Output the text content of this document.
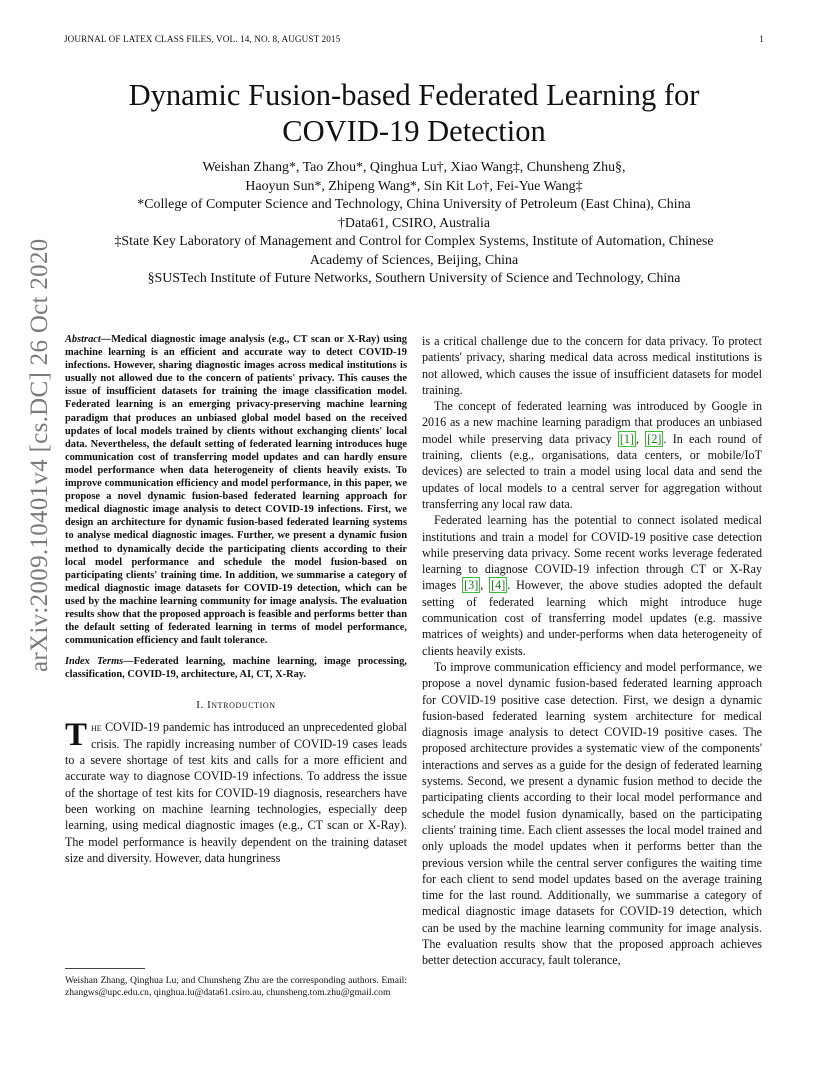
JOURNAL OF LATEX CLASS FILES, VOL. 14, NO. 8, AUGUST 2015	1
Dynamic Fusion-based Federated Learning for
COVID-19 Detection
Weishan Zhang*, Tao Zhou*, Qinghua Lu†, Xiao Wang‡, Chunsheng Zhu§,
Haoyun Sun*, Zhipeng Wang*, Sin Kit Lo†, Fei-Yue Wang‡
*College of Computer Science and Technology, China University of Petroleum (East China), China
†Data61, CSIRO, Australia
‡State Key Laboratory of Management and Control for Complex Systems, Institute of Automation, Chinese
Academy of Sciences, Beijing, China
§SUSTech Institute of Future Networks, Southern University of Science and Technology, China
arXiv:2009.10401v4 [cs.DC] 26 Oct 2020	Abstract—Medical diagnostic image analysis (e.g., CT scan or X-Ray) using machine learning is an efficient and accurate way to detect COVID-19 infections. However, sharing diagnostic images across medical institutions is usually not allowed due to the concern of patients' privacy. This causes the issue of insufficient datasets for training the image classification model. Federated learning is an emerging privacy-preserving machine learning paradigm that produces an unbiased global model based on the received updates of local models trained by clients without exchanging clients' local data. Nevertheless, the default setting of federated learning introduces huge communication cost of transferring model updates and can hardly ensure model performance when data heterogeneity of clients heavily exists. To improve communication efficiency and model performance, in this paper, we propose a novel dynamic fusion-based federated learning approach for medical diagnostic image analysis to detect COVID-19 infections. First, we design an architecture for dynamic fusion-based federated learning systems to analyse medical diagnostic images. Further, we present a dynamic fusion method to dynamically decide the participating clients according to their local model performance and schedule the model fusion-based on participating clients' training time. In addition, we summarise a category of medical diagnostic image datasets for COVID-19 detection, which can be used by the machine learning community for image analysis. The evaluation results show that the proposed approach is feasible and performs better than the default setting of federated learning in terms of model performance, communication efficiency and fault tolerance.

Index Terms—Federated learning, machine learning, image processing, classification, COVID-19, architecture, AI, CT, X-Ray.

I. Introduction

The COVID-19 pandemic has introduced an unprecedented global crisis. The rapidly increasing number of COVID-19 cases leads to a severe shortage of test kits and calls for a more efficient and accurate way to diagnose COVID-19 infections. To address the issue of the shortage of test kits for COVID-19 diagnosis, researchers have been working on machine learning technologies, especially deep learning, using medical diagnostic images (e.g., CT scan or X-Ray). The model performance is heavily dependent on the training dataset size and diversity. However, data hungriness

is a critical challenge due to the concern for data privacy. To protect patients' privacy, sharing medical data across medical institutions is not allowed, which causes the issue of insufficient datasets for model training.

The concept of federated learning was introduced by Google in 2016 as a new machine learning paradigm that produces an unbiased model while preserving data privacy [1] , [2] . In each round of training, clients (e.g., organisations, data centers, or mobile/IoT devices) are selected to train a model using local data and send the updates of local models to a central server for aggregation without transferring any local raw data.

Federated learning has the potential to connect isolated medical institutions and train a model for COVID-19 positive case detection while preserving data privacy. Some recent works leverage federated learning to diagnose COVID-19 infection through CT or X-Ray images [3] , [4] . However, the above studies adopted the default setting of federated learning which might introduce huge communication cost of transferring model updates (e.g. massive matrices of weights) and under-performs when data heterogeneity of clients heavily exists.

To improve communication efficiency and model performance, we propose a novel dynamic fusion-based federated learning approach for COVID-19 positive case detection. First, we design a dynamic fusion-based federated learning system architecture for medical diagnosis image analysis to detect COVID-19 positive cases. The proposed architecture provides a systematic view of the components' interactions and serves as a guide for the design of federated learning systems. Second, we present a dynamic fusion method to decide the participating clients according to their local model performance and schedule the model fusion dynamically, based on the participating clients' training time. Each client assesses the local model trained and only uploads the model updates when it performs better than the previous version while the central server configures the waiting time for each client to send model updates based on the average training time for the last round. Additionally, we summarise a category of medical diagnostic image datasets for COVID-19 detection, which can be used by the machine learning community for image analysis. The evaluation results show that the proposed approach achieves better detection accuracy, fault tolerance,

Weishan Zhang, Qinghua Lu, and Chunsheng Zhu are the corresponding authors. Email: zhangws@upc.edu.cn, qinghua.lu@data61.csiro.au, chunsheng.tom.zhu@gmail.com
